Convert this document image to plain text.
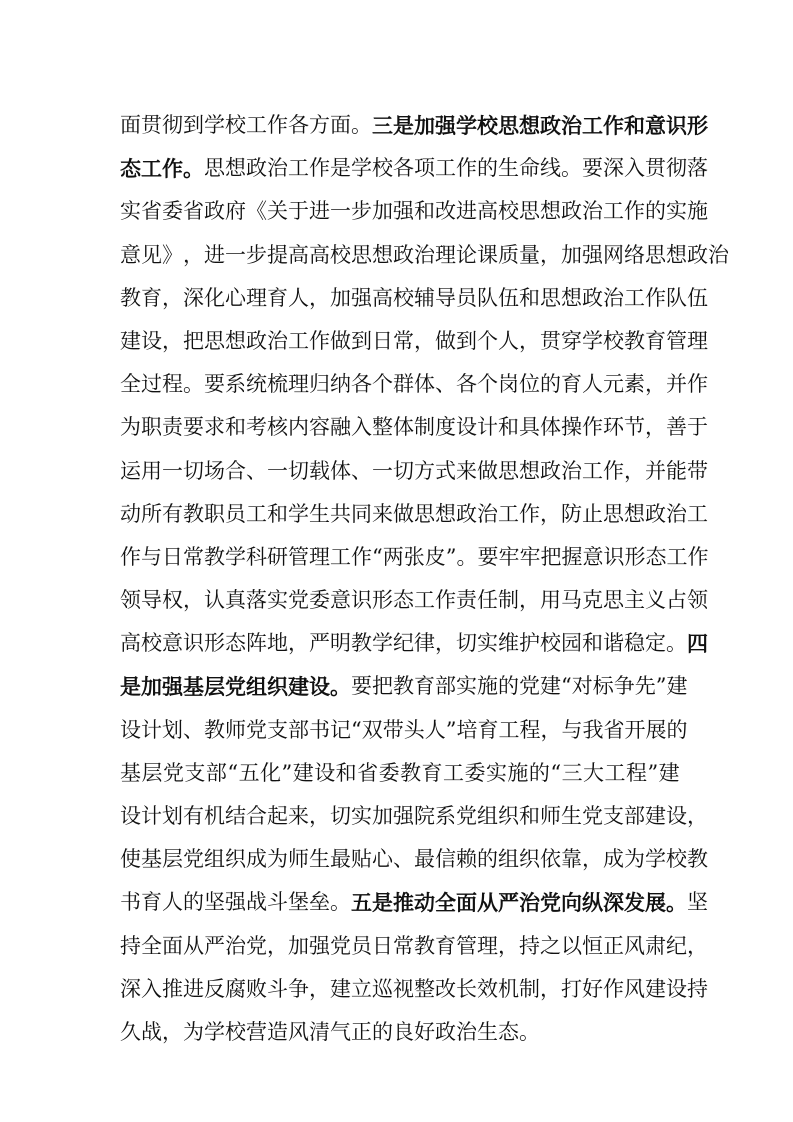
面 贯 彻 到 学 校 工 作 各 方 面 。 三 是 加 强 学 校 思 想 政 治 工 作 和 意 识 形
态 工 作 。 思 想 政 治 工 作 是 学 校 各 项 工 作 的 生 命 线 。 要 深 入 贯 彻 落
实 省 委 省 政 府 《 关 于 进 一 步 加 强 和 改 进 高 校 思 想 政 治 工 作 的 实 施
意 见 》 ， 进 一 步 提 高 高 校 思 想 政 治 理 论 课 质 量 ， 加 强 网 络 思 想 政 治
教 育 ， 深 化 心 理 育 人 ， 加 强 高 校 辅 导 员 队 伍 和 思 想 政 治 工 作 队 伍
建 设 ， 把 思 想 政 治 工 作 做 到 日 常 ， 做 到 个 人 ， 贯 穿 学 校 教 育 管 理
全 过 程 。 要 系 统 梳 理 归 纳 各 个 群 体 、 各 个 岗 位 的 育 人 元 素 ， 并 作
为 职 责 要 求 和 考 核 内 容 融 入 整 体 制 度 设 计 和 具 体 操 作 环 节 ， 善 于
运 用 一 切 场 合 、 一 切 载 体 、 一 切 方 式 来 做 思 想 政 治 工 作 ， 并 能 带
动 所 有 教 职 员 工 和 学 生 共 同 来 做 思 想 政 治 工 作 ， 防 止 思 想 政 治 工
作 与 日 常 教 学 科 研 管 理 工 作 “ 两 张 皮 ” 。 要 牢 牢 把 握 意 识 形 态 工 作
领 导 权 ， 认 真 落 实 党 委 意 识 形 态 工 作 责 任 制 ， 用 马 克 思 主 义 占 领
高 校 意 识 形 态 阵 地 ， 严 明 教 学 纪 律 ， 切 实 维 护 校 园 和 谐 稳 定 。 四
是 加 强 基 层 党 组 织 建 设 。 要 把 教 育 部 实 施 的 党 建 “ 对 标 争 先 ” 建
设 计 划 、 教 师 党 支 部 书 记 “ 双 带 头 人 ” 培 育 工 程 ， 与 我 省 开 展 的
基 层 党 支 部 “ 五 化 ” 建 设 和 省 委 教 育 工 委 实 施 的 “ 三 大 工 程 ” 建
设 计 划 有 机 结 合 起 来 ， 切 实 加 强 院 系 党 组 织 和 师 生 党 支 部 建 设 ，
使 基 层 党 组 织 成 为 师 生 最 贴 心 、 最 信 赖 的 组 织 依 靠 ， 成 为 学 校 教
书 育 人 的 坚 强 战 斗 堡 垒 。 五 是 推 动 全 面 从 严 治 党 向 纵 深 发 展 。 坚
持 全 面 从 严 治 党 ， 加 强 党 员 日 常 教 育 管 理 ， 持 之 以 恒 正 风 肃 纪 ，
深 入 推 进 反 腐 败 斗 争 ， 建 立 巡 视 整 改 长 效 机 制 ， 打 好 作 风 建 设 持
久 战 ， 为 学 校 营 造 风 清 气 正 的 良 好 政 治 生 态 。
